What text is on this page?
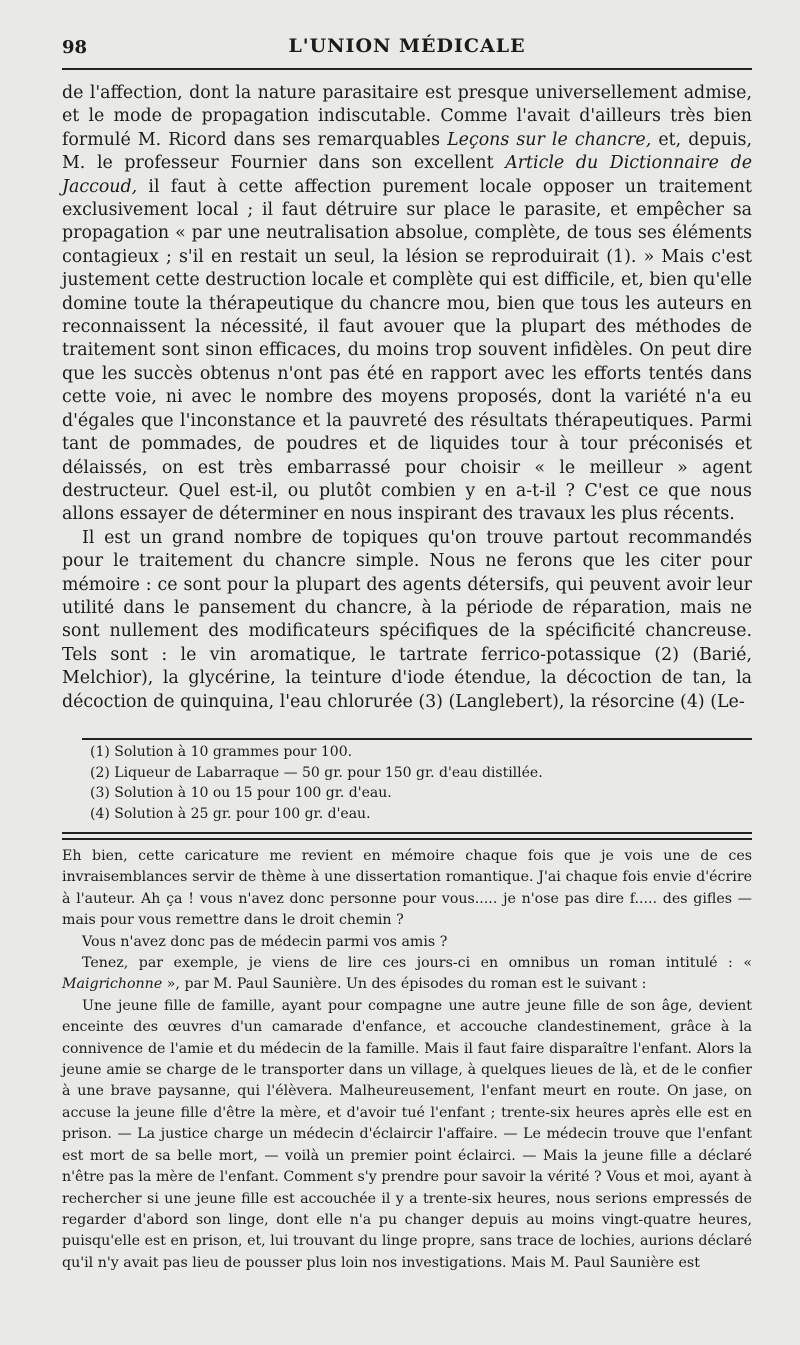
98	L'UNION MÉDICALE

de l'affection, dont la nature parasitaire est presque universellement admise, et le mode de propagation indiscutable. Comme l'avait d'ailleurs très bien formulé M. Ricord dans ses remarquables Leçons sur le chancre, et, depuis, M. le professeur Fournier dans son excellent Article du Dictionnaire de Jaccoud, il faut à cette affection purement locale opposer un traitement exclusivement local ; il faut détruire sur place le parasite, et empêcher sa propagation « par une neutralisation absolue, complète, de tous ses éléments contagieux ; s'il en restait un seul, la lésion se reproduirait (1). » Mais c'est justement cette destruction locale et complète qui est difficile, et, bien qu'elle domine toute la thérapeutique du chancre mou, bien que tous les auteurs en reconnaissent la nécessité, il faut avouer que la plupart des méthodes de traitement sont sinon efficaces, du moins trop souvent infidèles. On peut dire que les succès obtenus n'ont pas été en rapport avec les efforts tentés dans cette voie, ni avec le nombre des moyens proposés, dont la variété n'a eu d'égales que l'inconstance et la pauvreté des résultats thérapeutiques. Parmi tant de pommades, de poudres et de liquides tour à tour préconisés et délaissés, on est très embarrassé pour choisir « le meilleur » agent destructeur. Quel est-il, ou plutôt combien y en a-t-il ? C'est ce que nous allons essayer de déterminer en nous inspirant des travaux les plus récents.

Il est un grand nombre de topiques qu'on trouve partout recommandés pour le traitement du chancre simple. Nous ne ferons que les citer pour mémoire : ce sont pour la plupart des agents détersifs, qui peuvent avoir leur utilité dans le pansement du chancre, à la période de réparation, mais ne sont nullement des modificateurs spécifiques de la spécificité chancreuse. Tels sont : le vin aromatique, le tartrate ferrico-potassique (2) (Barié, Melchior), la glycérine, la teinture d'iode étendue, la décoction de tan, la décoction de quinquina, l'eau chlorurée (3) (Langlebert), la résorcine (4) (Le-

(1) Solution à 10 grammes pour 100.
(2) Liqueur de Labarraque — 50 gr. pour 150 gr. d'eau distillée.
(3) Solution à 10 ou 15 pour 100 gr. d'eau.
(4) Solution à 25 gr. pour 100 gr. d'eau.

Eh bien, cette caricature me revient en mémoire chaque fois que je vois une de ces invraisemblances servir de thème à une dissertation romantique. J'ai chaque fois envie d'écrire à l'auteur. Ah ça ! vous n'avez donc personne pour vous..... je n'ose pas dire f..... des gifles — mais pour vous remettre dans le droit chemin ?

Vous n'avez donc pas de médecin parmi vos amis ?

Tenez, par exemple, je viens de lire ces jours-ci en omnibus un roman intitulé : « Maigrichonne », par M. Paul Saunière. Un des épisodes du roman est le suivant :

Une jeune fille de famille, ayant pour compagne une autre jeune fille de son âge, devient enceinte des œuvres d'un camarade d'enfance, et accouche clandestinement, grâce à la connivence de l'amie et du médecin de la famille. Mais il faut faire disparaître l'enfant. Alors la jeune amie se charge de le transporter dans un village, à quelques lieues de là, et de le confier à une brave paysanne, qui l'élèvera. Malheureusement, l'enfant meurt en route. On jase, on accuse la jeune fille d'être la mère, et d'avoir tué l'enfant ; trente-six heures après elle est en prison. — La justice charge un médecin d'éclaircir l'affaire. — Le médecin trouve que l'enfant est mort de sa belle mort, — voilà un premier point éclairci. — Mais la jeune fille a déclaré n'être pas la mère de l'enfant. Comment s'y prendre pour savoir la vérité ? Vous et moi, ayant à rechercher si une jeune fille est accouchée il y a trente-six heures, nous serions empressés de regarder d'abord son linge, dont elle n'a pu changer depuis au moins vingt-quatre heures, puisqu'elle est en prison, et, lui trouvant du linge propre, sans trace de lochies, aurions déclaré qu'il n'y avait pas lieu de pousser plus loin nos investigations. Mais M. Paul Saunière est
